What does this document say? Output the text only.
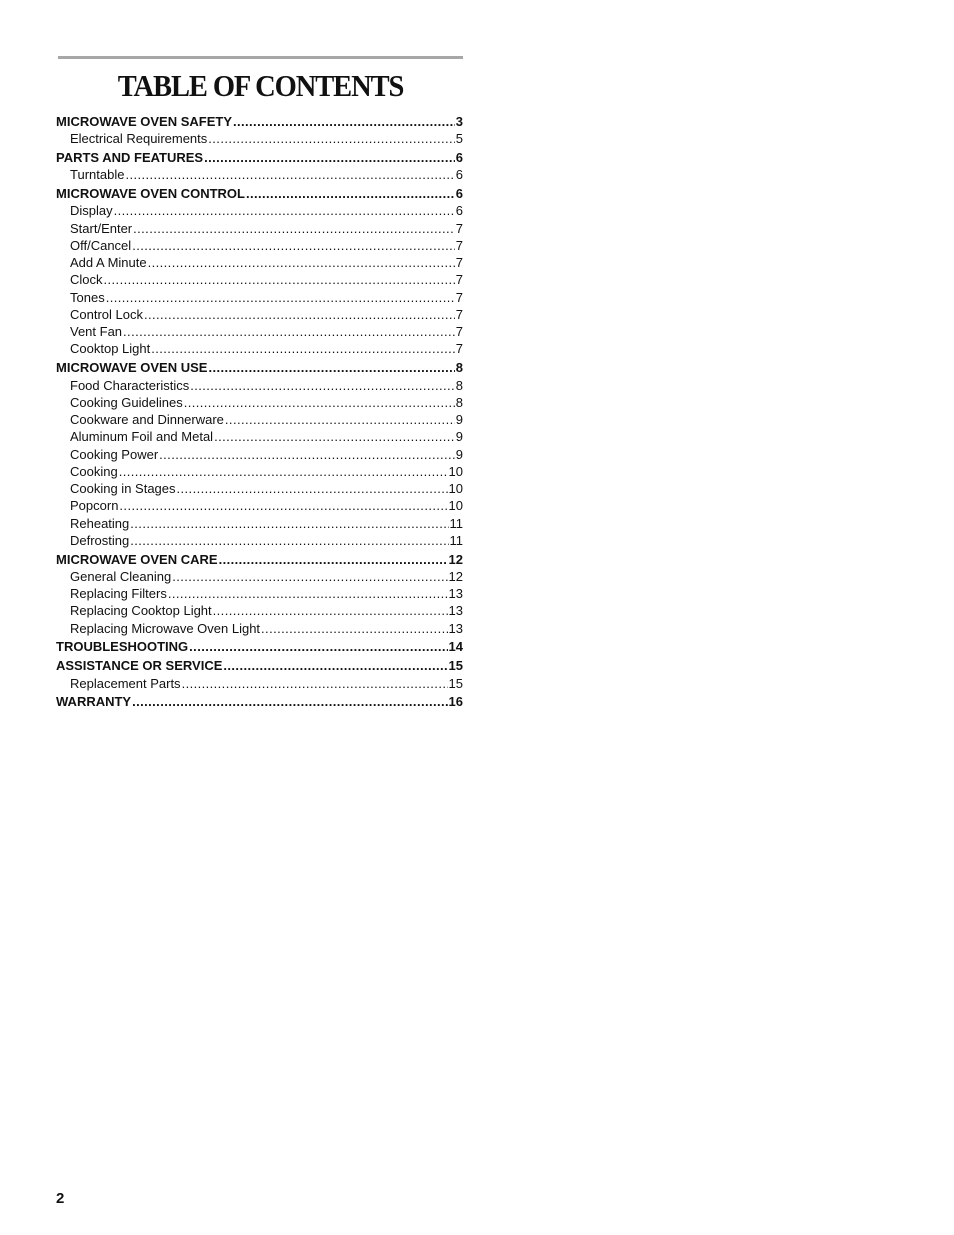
TABLE OF CONTENTS
MICROWAVE OVEN SAFETY .....	3
Electrical Requirements .....	5
PARTS AND FEATURES .....	6
Turntable .....	6
MICROWAVE OVEN CONTROL .....	6
Display .....	6
Start/Enter .....	7
Off/Cancel .....	7
Add A Minute .....	7
Clock .....	7
Tones .....	7
Control Lock .....	7
Vent Fan .....	7
Cooktop Light .....	7
MICROWAVE OVEN USE .....	8
Food Characteristics .....	8
Cooking Guidelines .....	8
Cookware and Dinnerware .....	9
Aluminum Foil and Metal .....	9
Cooking Power .....	9
Cooking .....	10
Cooking in Stages .....	10
Popcorn .....	10
Reheating .....	11
Defrosting .....	11
MICROWAVE OVEN CARE .....	12
General Cleaning .....	12
Replacing Filters .....	13
Replacing Cooktop Light .....	13
Replacing Microwave Oven Light .....	13
TROUBLESHOOTING .....	14
ASSISTANCE OR SERVICE .....	15
Replacement Parts .....	15
WARRANTY .....	16
2
